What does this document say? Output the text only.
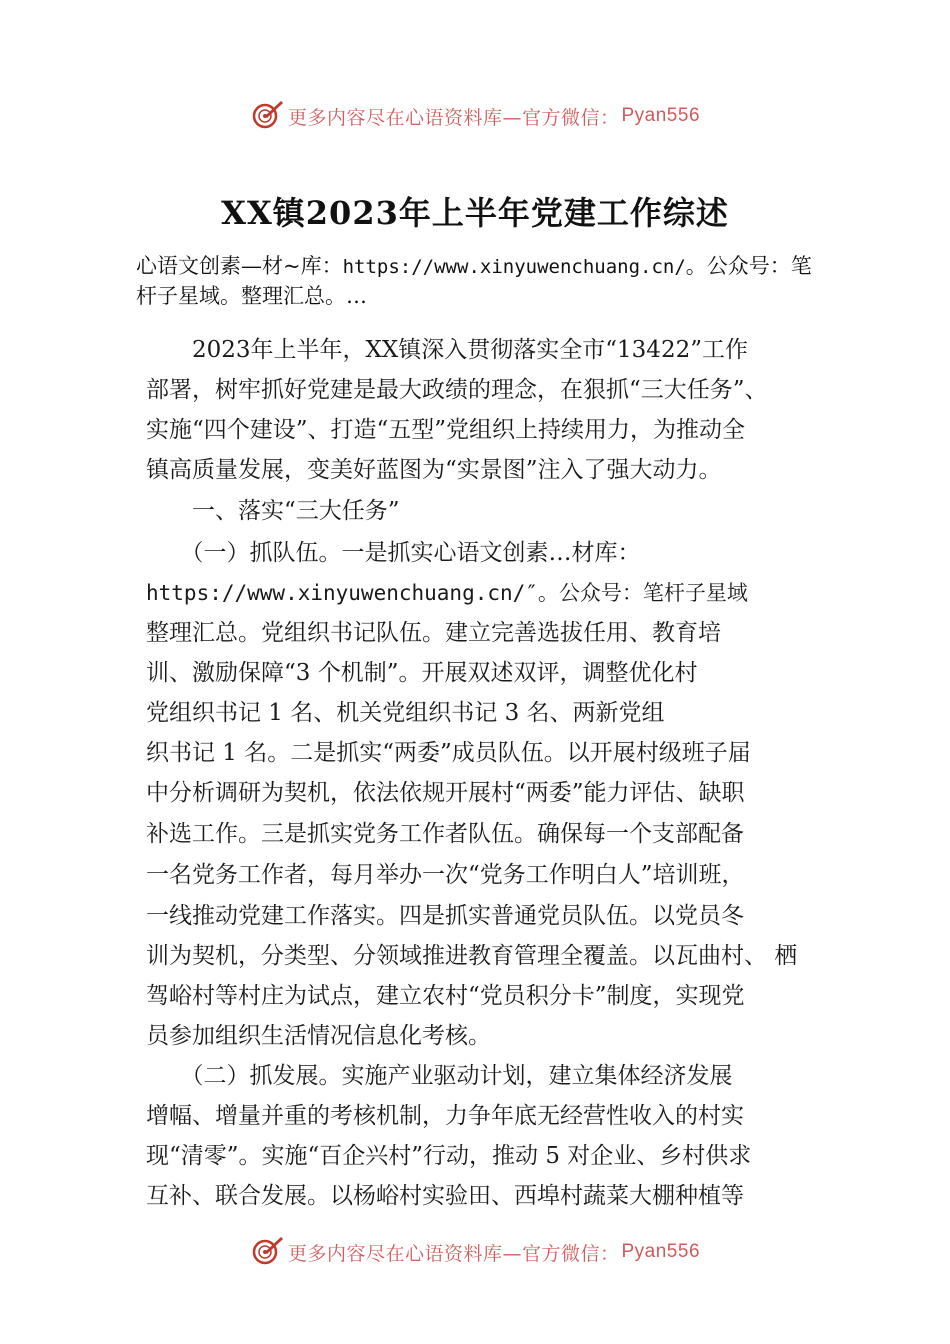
更多内容尽在心语资料库—官方微信： Pyan556
XX镇2023年上半年党建工作综述

心语文创素—材~库：https://www.xinyuwenchuang.cn/。公众号：笔杆子星域。整理汇总。…

　　2023年上半年，XX镇深入贯彻落实全市“13422”工作

部署，树牢抓好党建是最大政绩的理念，在狠抓“三大任务”、

实施“四个建设”、打造“五型”党组织上持续用力，为推动全

镇高质量发展，变美好蓝图为“实景图”注入了强大动力。

　　一、落实“三大任务”

　　（一）抓队伍。一是抓实心语文创素…材库：

https://www.xinyuwenchuang.cn/″。公众号：笔杆子星域

整理汇总。党组织书记队伍。建立完善选拔任用、教育培

训、激励保障“3 个机制”。开展双述双评，调整优化村

党组织书记 1 名、机关党组织书记 3 名、两新党组

织书记 1 名。二是抓实“两委”成员队伍。以开展村级班子届

中分析调研为契机，依法依规开展村“两委”能力评估、缺职

补选工作。三是抓实党务工作者队伍。确保每一个支部配备

一名党务工作者，每月举办一次“党务工作明白人”培训班，

一线推动党建工作落实。四是抓实普通党员队伍。以党员冬

训为契机，分类型、分领域推进教育管理全覆盖。以瓦曲村、 栖

驾峪村等村庄为试点，建立农村“党员积分卡”制度，实现党

员参加组织生活情况信息化考核。

　　（二）抓发展。实施产业驱动计划，建立集体经济发展

增幅、增量并重的考核机制，力争年底无经营性收入的村实

现“清零”。实施“百企兴村”行动，推动 5 对企业、乡村供求

互补、联合发展。以杨峪村实验田、西埠村蔬菜大棚种植等

更多内容尽在心语资料库—官方微信： Pyan556
